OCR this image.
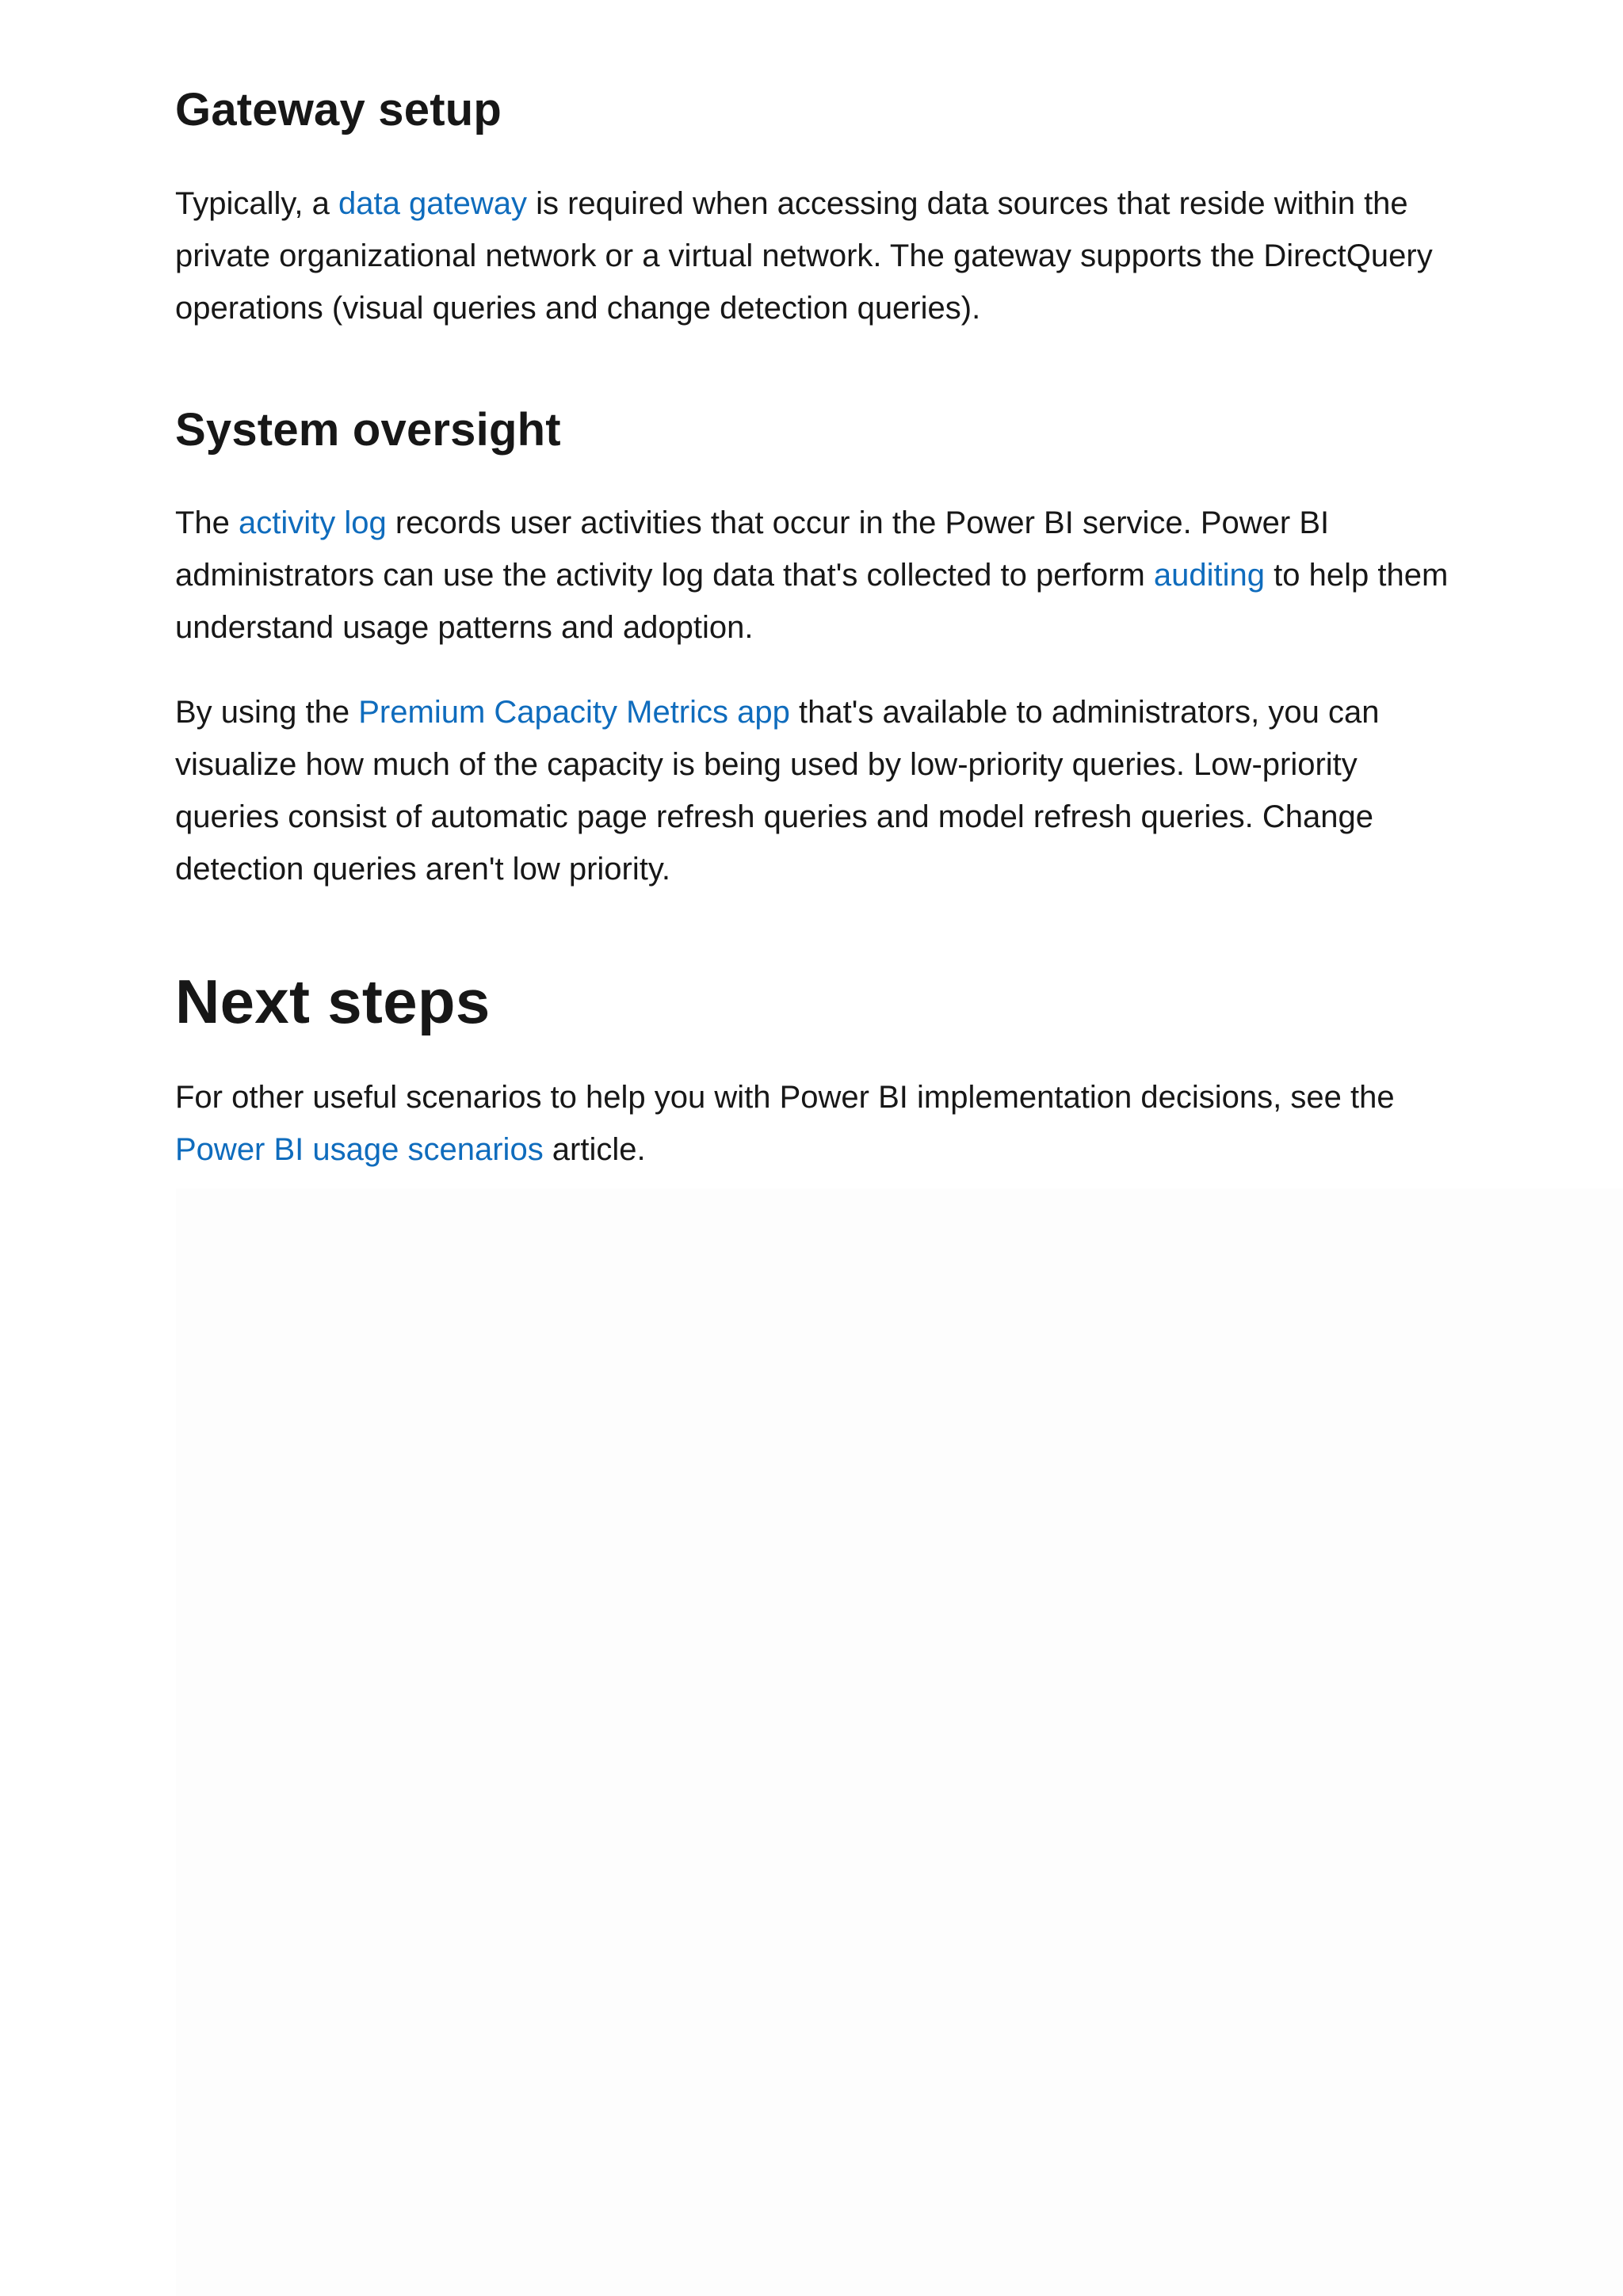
Gateway setup

Typically, a data gateway is required when accessing data sources that reside within the private organizational network or a virtual network. The gateway supports the DirectQuery operations (visual queries and change detection queries).

System oversight

The activity log records user activities that occur in the Power BI service. Power BI administrators can use the activity log data that's collected to perform auditing to help them understand usage patterns and adoption.

By using the Premium Capacity Metrics app that's available to administrators, you can visualize how much of the capacity is being used by low-priority queries. Low-priority queries consist of automatic page refresh queries and model refresh queries. Change detection queries aren't low priority.

Next steps

For other useful scenarios to help you with Power BI implementation decisions, see the Power BI usage scenarios article.
